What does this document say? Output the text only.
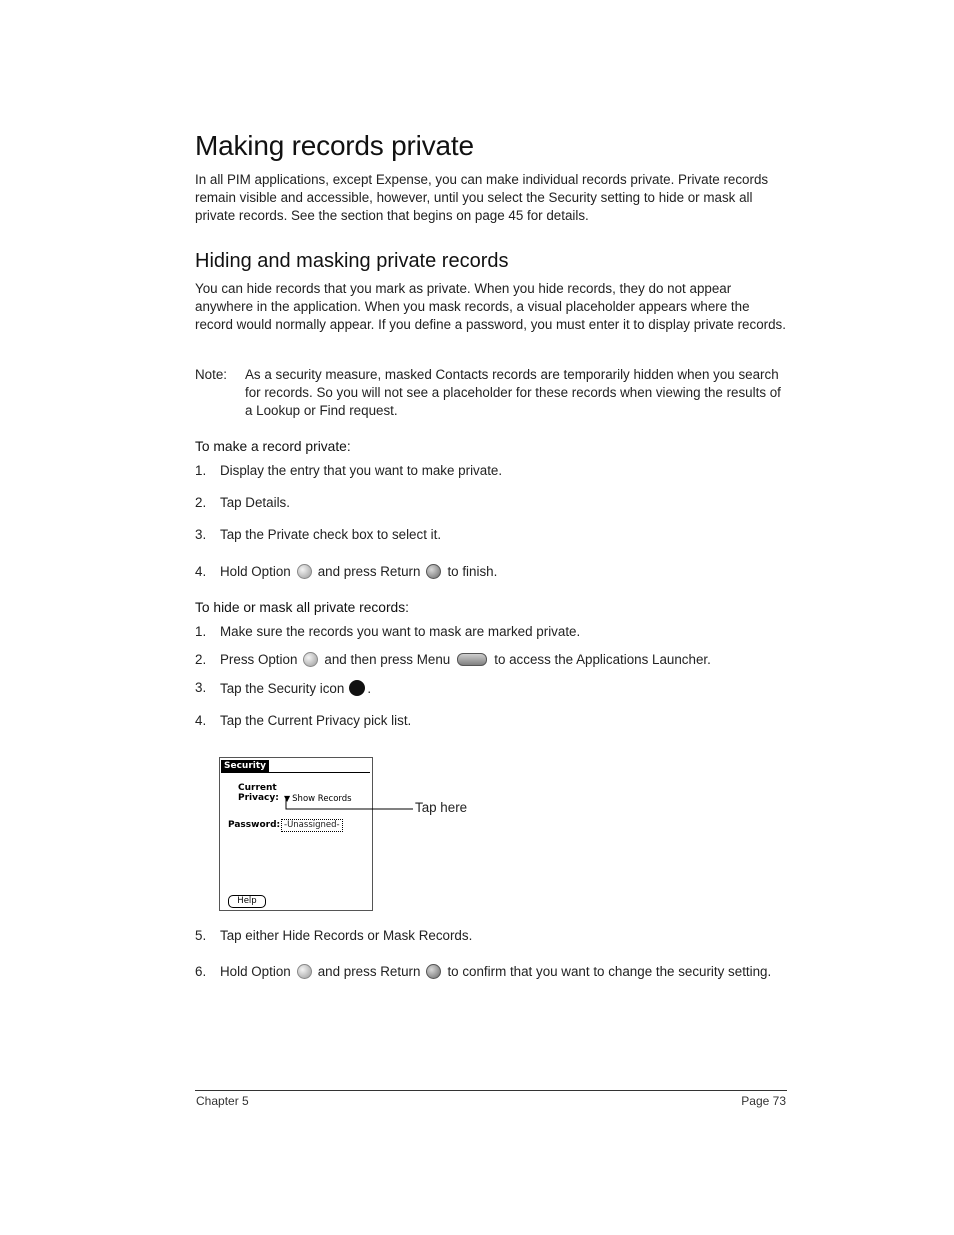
Making records private

In all PIM applications, except Expense, you can make individual records private. Private records remain visible and accessible, however, until you select the Security setting to hide or mask all private records. See the section that begins on page 45 for details.

Hiding and masking private records

You can hide records that you mark as private. When you hide records, they do not appear anywhere in the application. When you mask records, a visual placeholder appears where the record would normally appear. If you define a password, you must enter it to display private records.

Note: As a security measure, masked Contacts records are temporarily hidden when you search for records. So you will not see a placeholder for these records when viewing the results of a Lookup or Find request.
To make a record private:
1. Display the entry that you want to make private.
2. Tap Details.
3. Tap the Private check box to select it.
4. Hold Option and press Return to finish.
To hide or mask all private records:
1. Make sure the records you want to mask are marked private.
2. Press Option and then press Menu	to access the Applications Launcher.
3. Tap the Security icon .
4. Tap the Current Privacy pick list.
Security
Current
Privacy: ▼ Show Records
Password: -Unassigned-
Help
Tap here
5. Tap either Hide Records or Mask Records.
6. Hold Option and press Return to confirm that you want to change the security setting.
Chapter 5	Page 73
